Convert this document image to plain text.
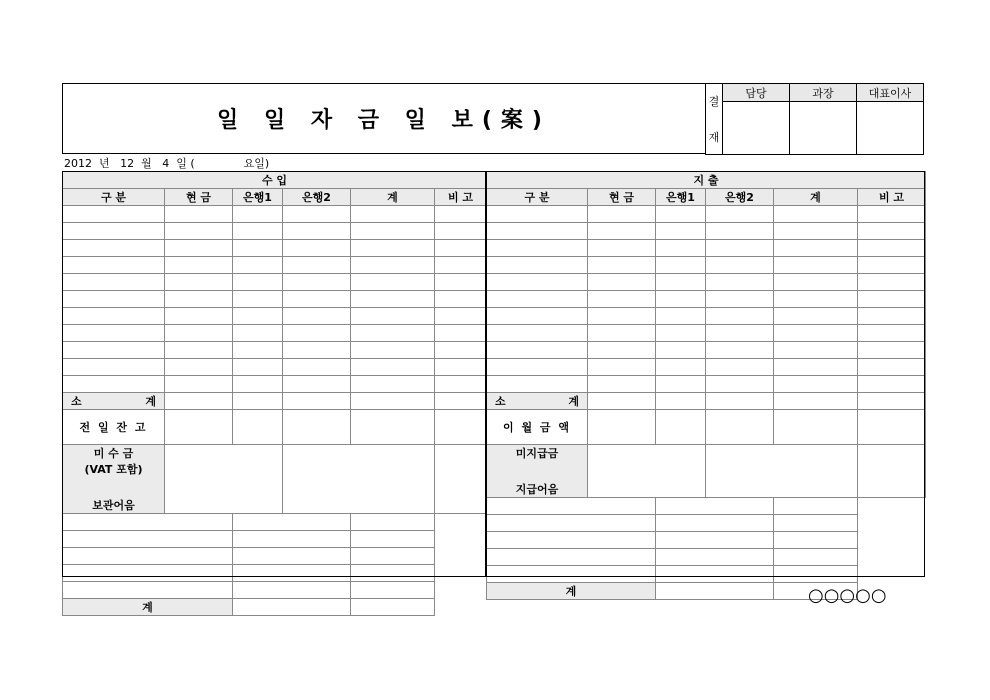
일 일 자 금 일 보(案)
결
재	담당	과장	대표이사

2012  년   12  월   4  일 (              요일)
수 입					
구 분	현 금	은행1	은행2	계	비 고

소 계					

전 일 잔 고					

미 수 금
(VAT 포함)
보관어음					

계					
지 출					
구 분	현 금	은행1	은행2	계	비 고

소 계					

이 월 금 액					

미지급금
지급어음					

계						○○○○○
